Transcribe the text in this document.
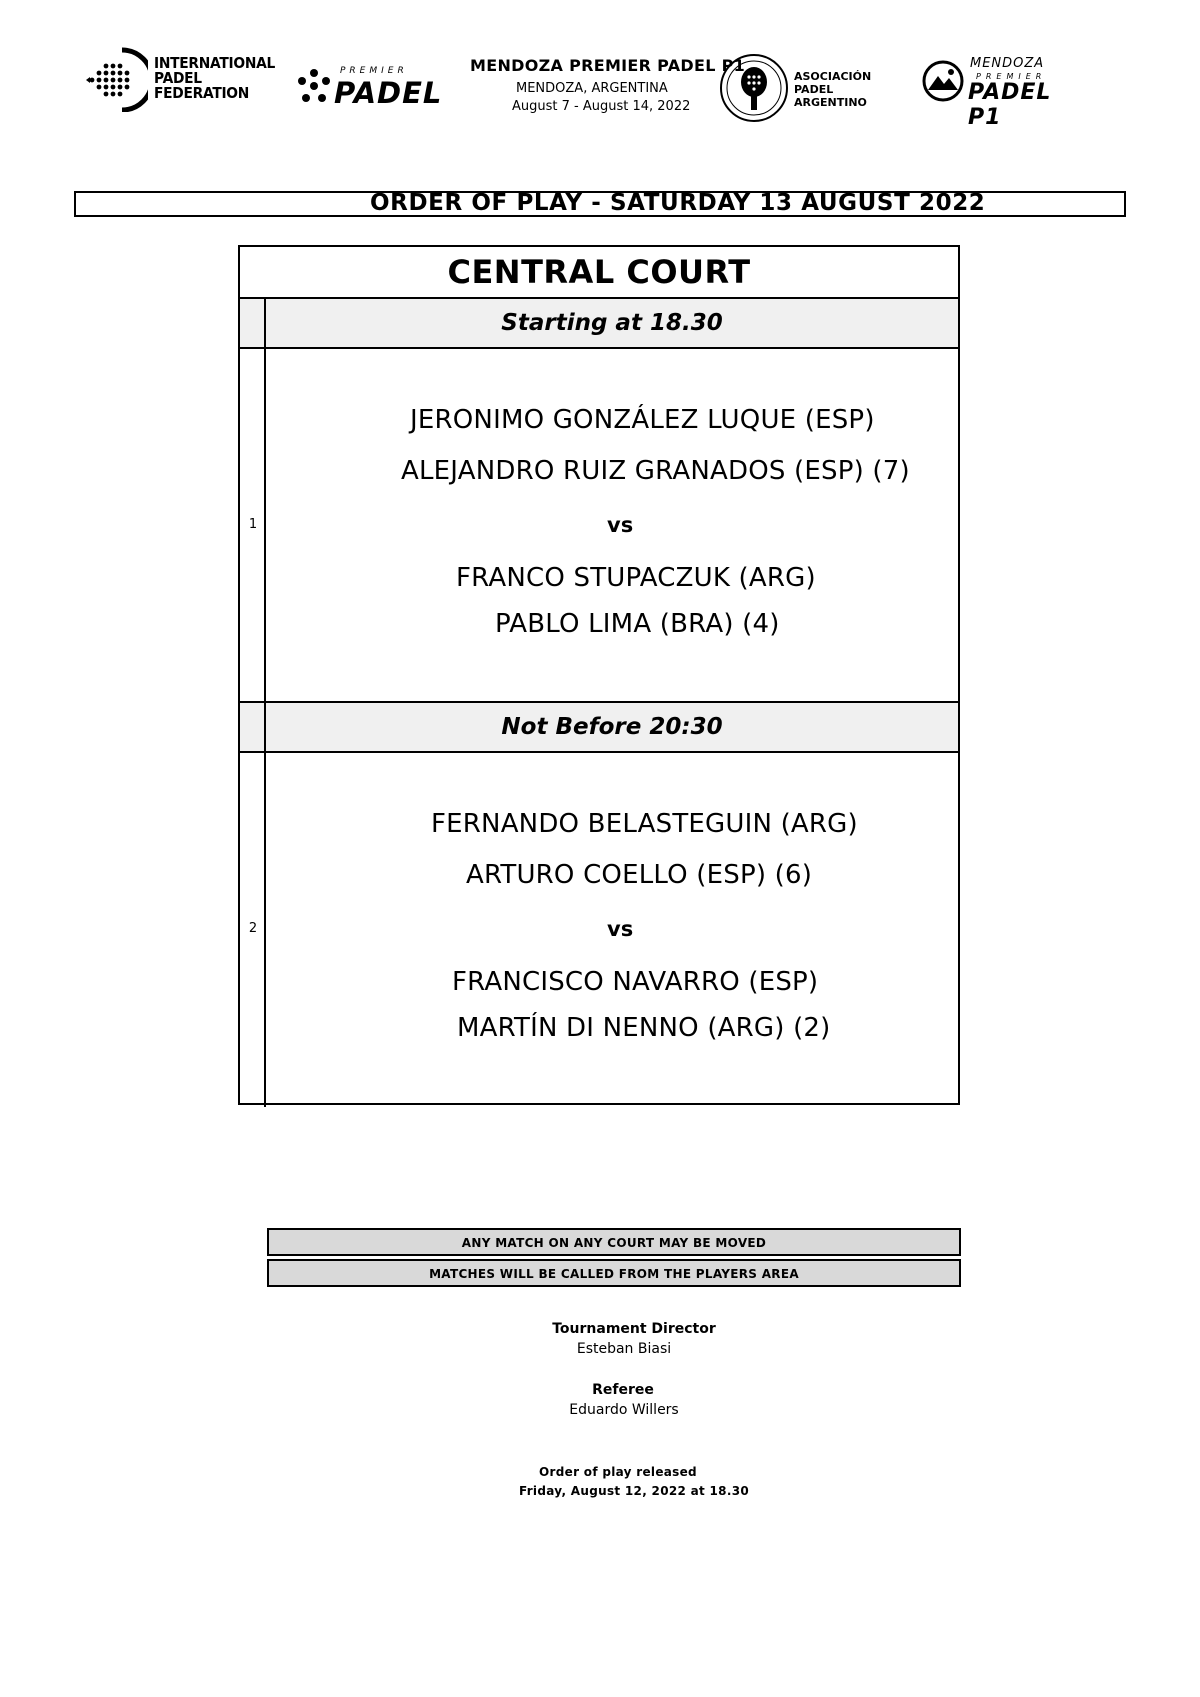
INTERNATIONAL
PADEL
FEDERATION
PREMIER
PADEL
MENDOZA PREMIER PADEL P1
MENDOZA, ARGENTINA
August 7 - August 14, 2022
ASOCIACIÓN
PADEL
ARGENTINO
MENDOZA
PREMIER
PADEL P1
ORDER OF PLAY - SATURDAY 13 AUGUST 2022
CENTRAL COURT
Starting at 18.30
1
JERONIMO GONZÁLEZ LUQUE (ESP)
ALEJANDRO RUIZ GRANADOS (ESP) (7)
vs
FRANCO STUPACZUK (ARG)
PABLO LIMA (BRA) (4)
Not Before 20:30
2
FERNANDO BELASTEGUIN (ARG)
ARTURO COELLO (ESP) (6)
vs
FRANCISCO NAVARRO (ESP)
MARTÍN DI NENNO (ARG) (2)
ANY MATCH ON ANY COURT MAY BE MOVED
MATCHES WILL BE CALLED FROM THE PLAYERS AREA
Tournament Director
Esteban Biasi
Referee
Eduardo Willers
Order of play released
Friday, August 12, 2022 at 18.30
